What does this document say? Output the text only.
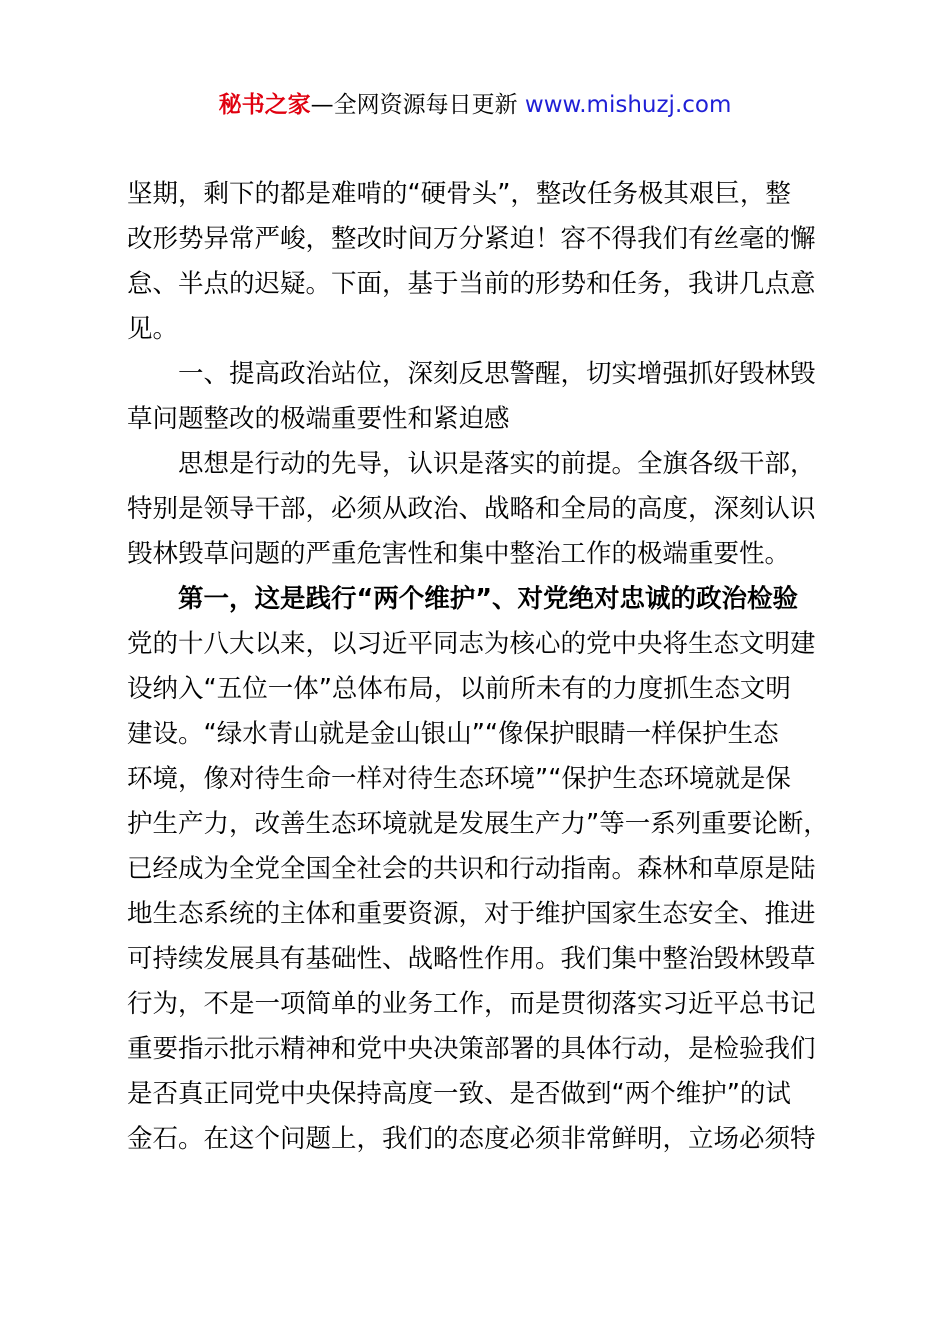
秘书之家—全网资源每日更新 www.mishuzj.com
坚期，剩下的都是难啃的“硬骨头”，整改任务极其艰巨，整
改形势异常严峻，整改时间万分紧迫！容不得我们有丝毫的懈
怠、半点的迟疑。下面，基于当前的形势和任务，我讲几点意
见。
一、提高政治站位，深刻反思警醒，切实增强抓好毁林毁
草问题整改的极端重要性和紧迫感
思想是行动的先导，认识是落实的前提。全旗各级干部，
特别是领导干部，必须从政治、战略和全局的高度，深刻认识
毁林毁草问题的严重危害性和集中整治工作的极端重要性。
第一，这是践行“两个维护”、对党绝对忠诚的政治检验
党的十八大以来，以习近平同志为核心的党中央将生态文明建
设纳入“五位一体”总体布局，以前所未有的力度抓生态文明
建设。“绿水青山就是金山银山”“像保护眼睛一样保护生态
环境，像对待生命一样对待生态环境”“保护生态环境就是保
护生产力，改善生态环境就是发展生产力”等一系列重要论断，
已经成为全党全国全社会的共识和行动指南。森林和草原是陆
地生态系统的主体和重要资源，对于维护国家生态安全、推进
可持续发展具有基础性、战略性作用。我们集中整治毁林毁草
行为，不是一项简单的业务工作，而是贯彻落实习近平总书记
重要指示批示精神和党中央决策部署的具体行动，是检验我们
是否真正同党中央保持高度一致、是否做到“两个维护”的试
金石。在这个问题上，我们的态度必须非常鲜明，立场必须特
